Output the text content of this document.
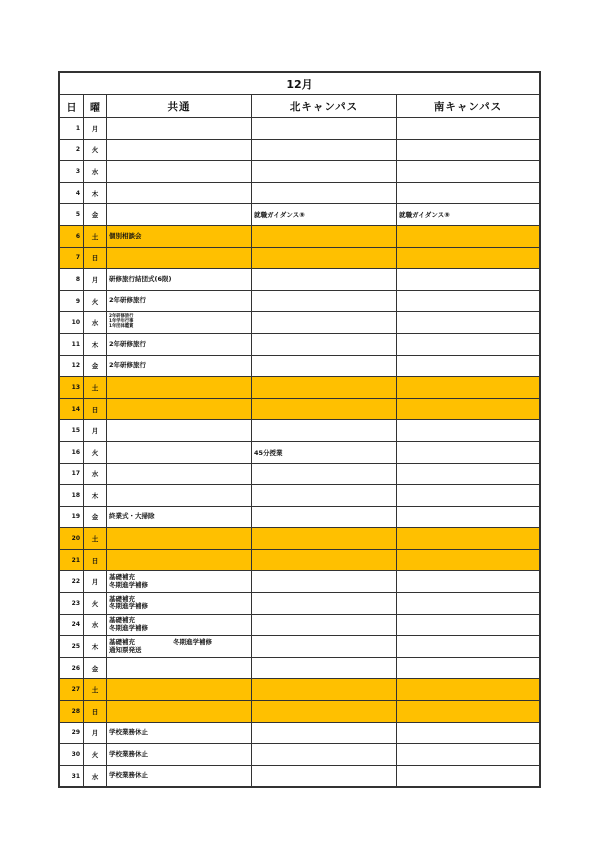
12月				
日	曜	共通	北キャンパス	南キャンパス
1	月			
2	火			
3	水			
4	木			
5	金		就職ガイダンス⑨	就職ガイダンス⑨
6	土	個別相談会		

7	日			
8	月	研修旅行結団式(6限)		

9	火	2年研修旅行		

10	水	2年研修旅行
1年学年行事
1年団体鑑賞		

11	木	2年研修旅行		

12	金	2年研修旅行		

13	土			
14	日			
15	月			
16	火		45分授業	
17	水			
18	木			
19	金	終業式・大掃除		

20	土			
21	日			
22	月	基礎補充
冬期進学補修		

23	火	基礎補充
冬期進学補修		

24	水	基礎補充
冬期進学補修		

25	木	基礎補充 冬期進学補修
通知票発送		

26	金			
27	土			
28	日			
29	月	学校業務休止		

30	火	学校業務休止		

31	水	学校業務休止		
